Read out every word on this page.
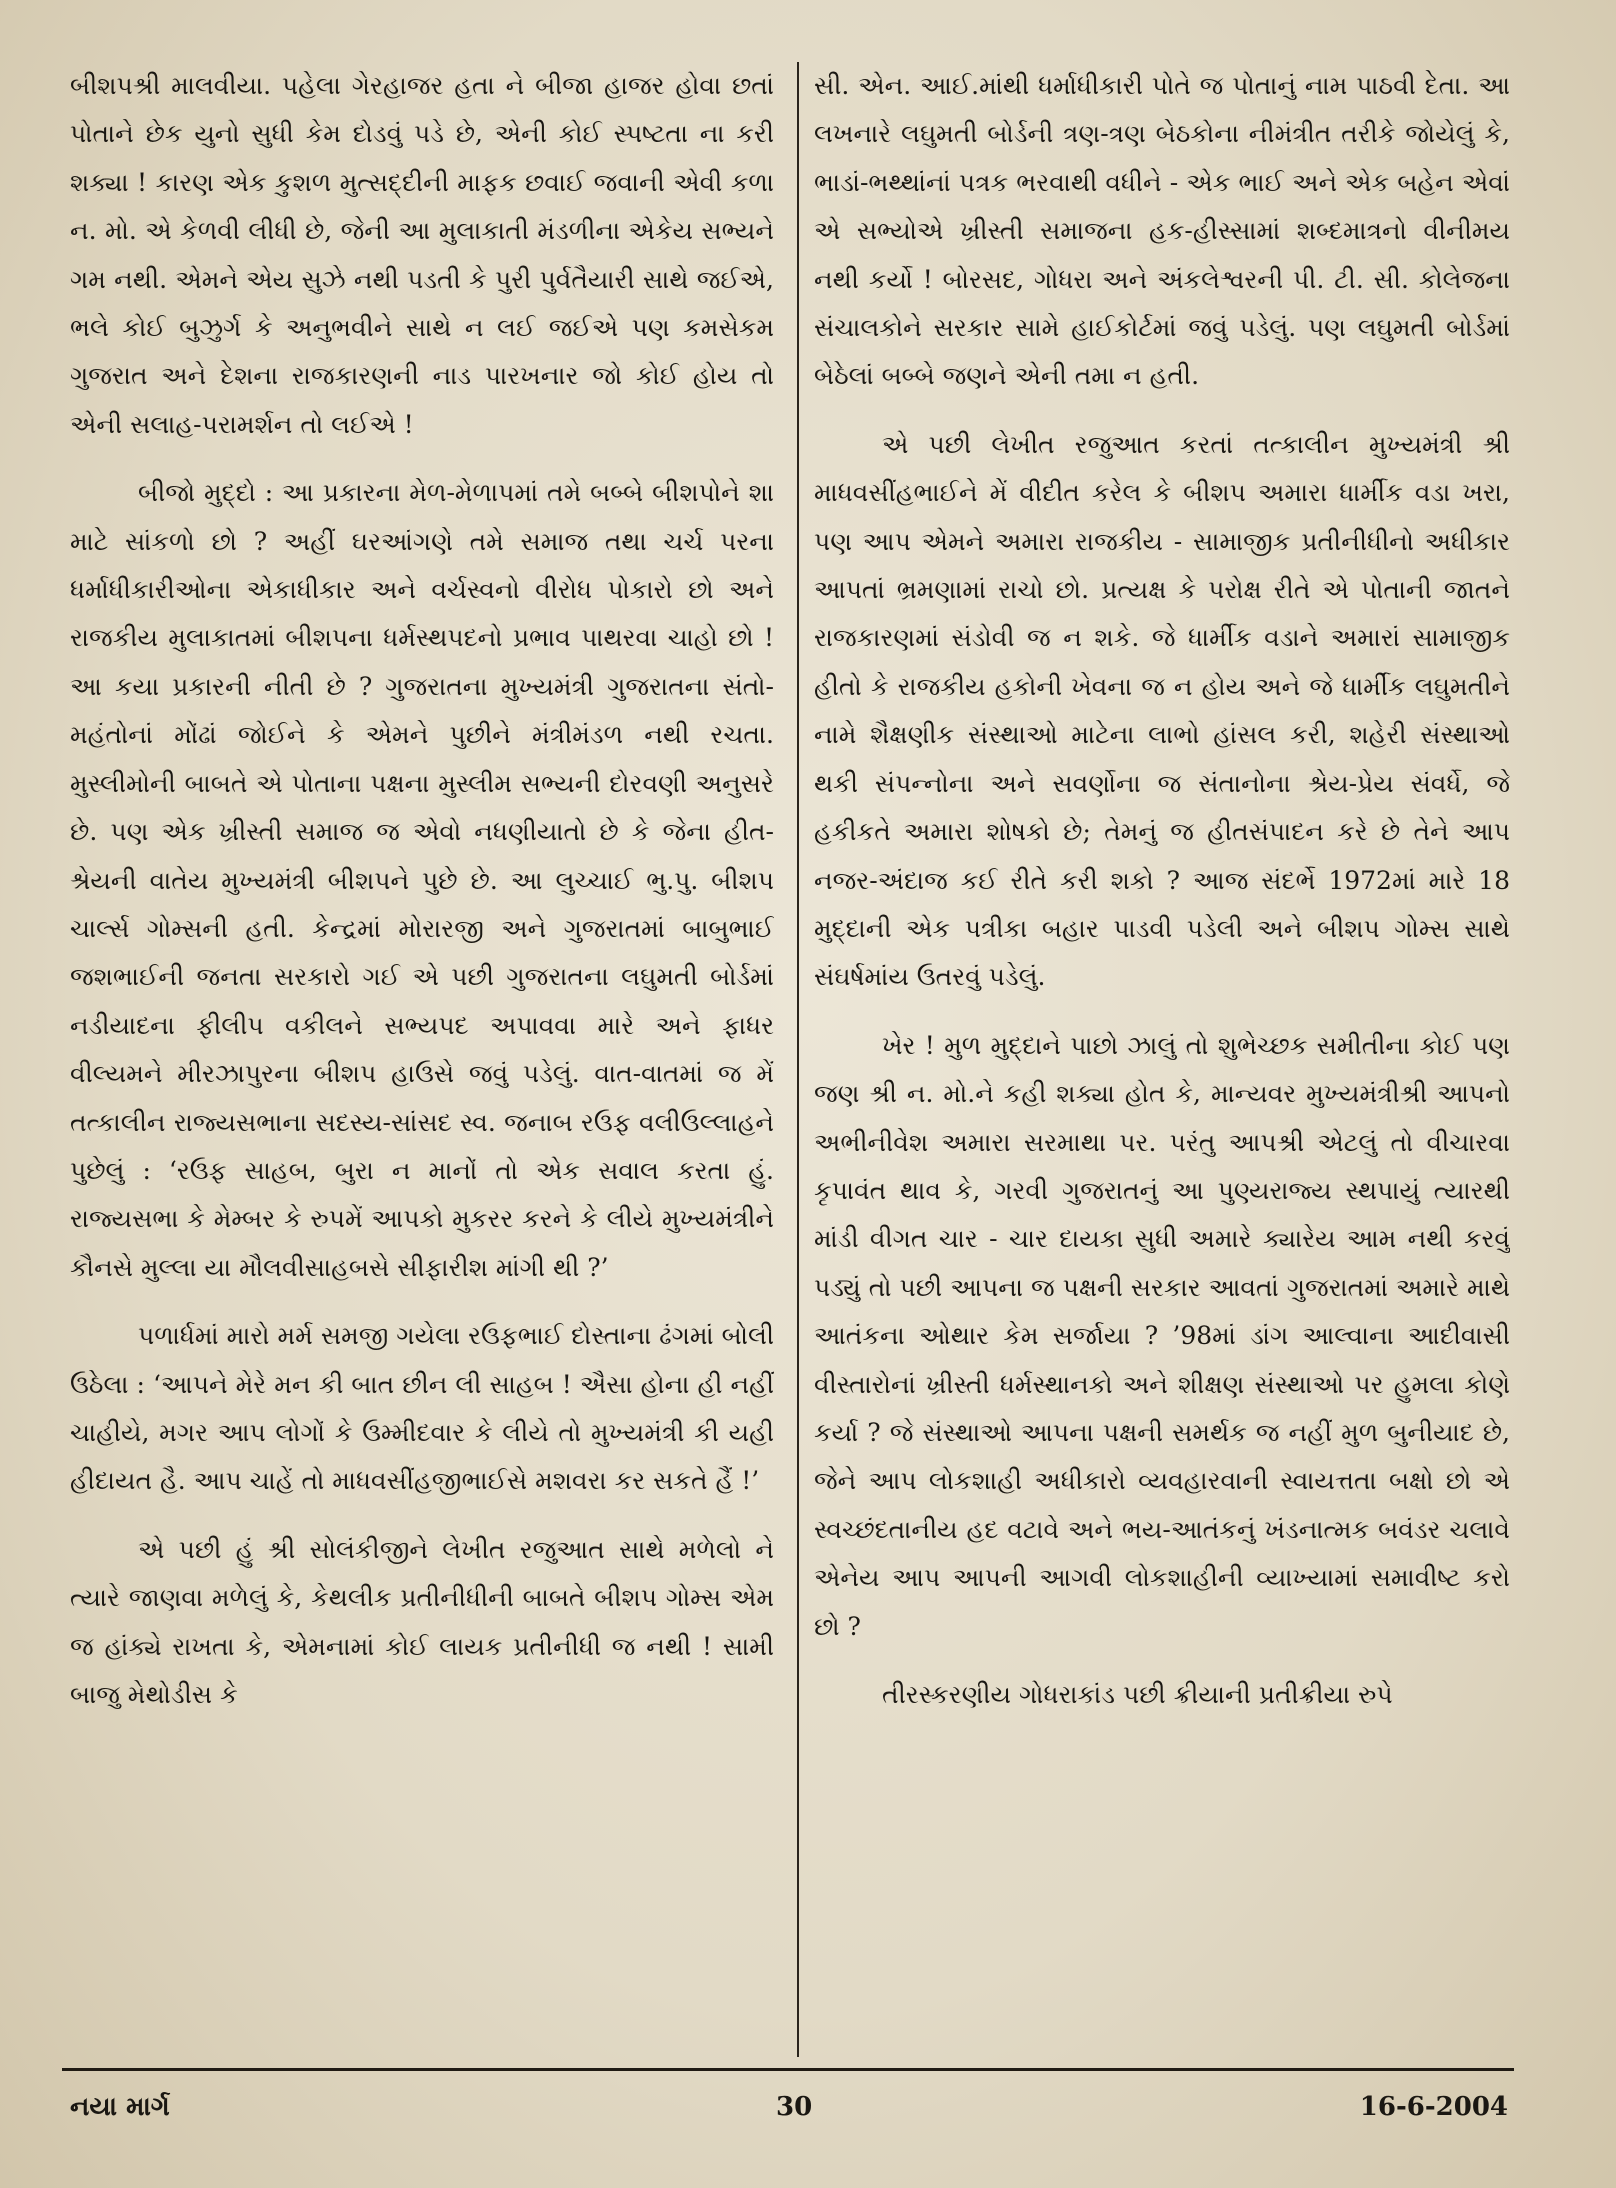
બીશપશ્રી માલવીયા. પહેલા ગેરહાજર હતા ને બીજા હાજર હોવા છતાં પોતાને છેક યુનો સુધી કેમ દોડવું પડે છે, એની કોઈ સ્પષ્ટતા ના કરી શક્યા ! કારણ એક કુશળ મુત્સદ્દીની માફક છવાઈ જવાની એવી કળા ન. મો. એ કેળવી લીધી છે, જેની આ મુલાકાતી મંડળીના એકેય સભ્યને ગમ નથી. એમને એય સુઝે નથી પડતી કે પુરી પુર્વતૈયારી સાથે જઈએ, ભલે કોઈ બુઝુર્ગ કે અનુભવીને સાથે ન લઈ જઈએ પણ કમસેકમ ગુજરાત અને દેશના રાજકારણની નાડ પારખનાર જો કોઈ હોય તો એની સલાહ-પરામર્શન તો લઈએ !

બીજો મુદ્દો : આ પ્રકારના મેળ-મેળાપમાં તમે બબ્બે બીશપોને શા માટે સાંકળો છો ? અહીં ઘરઆંગણે તમે સમાજ તથા ચર્ચ પરના ધર્માધીકારીઓના એકાધીકાર અને વર્ચસ્વનો વીરોધ પોકારો છો અને રાજકીય મુલાકાતમાં બીશપના ધર્મસ્થપદનો પ્રભાવ પાથરવા ચાહો છો ! આ કયા પ્રકારની નીતી છે ? ગુજરાતના મુખ્યમંત્રી ગુજરાતના સંતો-મહંતોનાં મોંઢાં જોઈને કે એમને પુછીને મંત્રીમંડળ નથી રચતા. મુસ્લીમોની બાબતે એ પોતાના પક્ષના મુસ્લીમ સભ્યની દોરવણી અનુસરે છે. પણ એક ખ્રીસ્તી સમાજ જ એવો નધણીયાતો છે કે જેના હીત-શ્રેયની વાતેય મુખ્યમંત્રી બીશપને પુછે છે. આ લુચ્ચાઈ ભુ.પુ. બીશપ ચાર્લ્સ ગોમ્સની હતી. કેન્દ્રમાં મોરારજી અને ગુજરાતમાં બાબુભાઈ જશભાઈની જનતા સરકારો ગઈ એ પછી ગુજરાતના લઘુમતી બોર્ડમાં નડીયાદના ફીલીપ વકીલને સભ્યપદ અપાવવા મારે અને ફાધર વીલ્યમને મીરઝાપુરના બીશપ હાઉસે જવું પડેલું. વાત-વાતમાં જ મેં તત્કાલીન રાજ્યસભાના સદસ્ય-સાંસદ સ્વ. જનાબ રઉફ વલીઉલ્લાહને પુછેલું : ‘રઉફ સાહબ, બુરા ન માનોં તો એક સવાલ કરતા હું. રાજ્યસભા કે મેમ્બર કે રુપમેં આપકો મુકરર કરને કે લીયે મુખ્યમંત્રીને કૌનસે મુલ્લા યા મૌલવીસાહબસે સીફારીશ માંગી થી ?’

પળાર્ધમાં મારો મર્મ સમજી ગયેલા રઉફભાઈ દોસ્તાના ઢંગમાં બોલી ઉઠેલા : ‘આપને મેરે મન કી બાત છીન લી સાહબ ! ઐસા હોના હી નહીં ચાહીયે, મગર આપ લોગોં કે ઉમ્મીદવાર કે લીયે તો મુખ્યમંત્રી કી યહી હીદાયત હૈ. આપ ચાહેં તો માધવસીંહજીભાઈસે મશવરા કર સકતે હૈં !’

એ પછી હું શ્રી સોલંકીજીને લેખીત રજુઆત સાથે મળેલો ને ત્યારે જાણવા મળેલું કે, કેથલીક પ્રતીનીધીની બાબતે બીશપ ગોમ્સ એમ જ હાંક્યે રાખતા કે, એમનામાં કોઈ લાયક પ્રતીનીધી જ નથી ! સામી બાજુ મેથોડીસ કે

સી. એન. આઈ.માંથી ધર્માધીકારી પોતે જ પોતાનું નામ પાઠવી દેતા. આ લખનારે લઘુમતી બોર્ડની ત્રણ-ત્રણ બેઠકોના નીમંત્રીત તરીકે જોયેલું કે, ભાડાં-ભથ્થાંનાં પત્રક ભરવાથી વધીને - એક ભાઈ અને એક બહેન એવાં એ સભ્યોએ ખ્રીસ્તી સમાજના હક-હીસ્સામાં શબ્દમાત્રનો વીનીમય નથી કર્યો ! બોરસદ, ગોધરા અને અંકલેશ્વરની પી. ટી. સી. કોલેજના સંચાલકોને સરકાર સામે હાઈકોર્ટમાં જવું પડેલું. પણ લઘુમતી બોર્ડમાં બેઠેલાં બબ્બે જણને એની તમા ન હતી.

એ પછી લેખીત રજુઆત કરતાં તત્કાલીન મુખ્યમંત્રી શ્રી માધવસીંહભાઈને મેં વીદીત કરેલ કે બીશપ અમારા ધાર્મીક વડા ખરા, પણ આપ એમને અમારા રાજકીય - સામાજીક પ્રતીનીધીનો અધીકાર આપતાં ભ્રમણામાં રાચો છો. પ્રત્યક્ષ કે પરોક્ષ રીતે એ પોતાની જાતને રાજકારણમાં સંડોવી જ ન શકે. જે ધાર્મીક વડાને અમારાં સામાજીક હીતો કે રાજકીય હકોની ખેવના જ ન હોય અને જે ધાર્મીક લઘુમતીને નામે શૈક્ષણીક સંસ્થાઓ માટેના લાભો હાંસલ કરી, શહેરી સંસ્થાઓ થકી સંપન્નોના અને સવર્ણોના જ સંતાનોના શ્રેય-પ્રેય સંવર્ધે, જે હકીકતે અમારા શોષકો છે; તેમનું જ હીતસંપાદન કરે છે તેને આપ નજર-અંદાજ કઈ રીતે કરી શકો ? આજ સંદર્ભે 1972માં મારે 18 મુદ્દાની એક પત્રીકા બહાર પાડવી પડેલી અને બીશપ ગોમ્સ સાથે સંઘર્ષમાંય ઉતરવું પડેલું.

ખેર ! મુળ મુદ્દાને પાછો ઝાલું તો શુભેચ્છક સમીતીના કોઈ પણ જણ શ્રી ન. મો.ને કહી શક્યા હોત કે, માન્યવર મુખ્યમંત્રીશ્રી આપનો અભીનીવેશ અમારા સરમાથા પર. પરંતુ આપશ્રી એટલું તો વીચારવા કૃપાવંત થાવ કે, ગરવી ગુજરાતનું આ પુણ્યરાજ્ય સ્થપાયું ત્યારથી માંડી વીગત ચાર - ચાર દાયકા સુધી અમારે ક્યારેય આમ નથી કરવું પડ્યું તો પછી આપના જ પક્ષની સરકાર આવતાં ગુજરાતમાં અમારે માથે આતંકના ઓથાર કેમ સર્જાયા ? ’98માં ડાંગ આલ્વાના આદીવાસી વીસ્તારોનાં ખ્રીસ્તી ધર્મસ્થાનકો અને શીક્ષણ સંસ્થાઓ પર હુમલા કોણે કર્યા ? જે સંસ્થાઓ આપના પક્ષની સમર્થક જ નહીં મુળ બુનીયાદ છે, જેને આપ લોકશાહી અધીકારો વ્યવહારવાની સ્વાયત્તતા બક્ષો છો એ સ્વચ્છંદતાનીય હદ વટાવે અને ભય-આતંકનું ખંડનાત્મક બવંડર ચલાવે એનેય આપ આપની આગવી લોકશાહીની વ્યાખ્યામાં સમાવીષ્ટ કરો છો ?

તીરસ્કરણીય ગોધરાકાંડ પછી ક્રીયાની પ્રતીક્રીયા રુપે

નયા માર્ગ	30	16-6-2004
